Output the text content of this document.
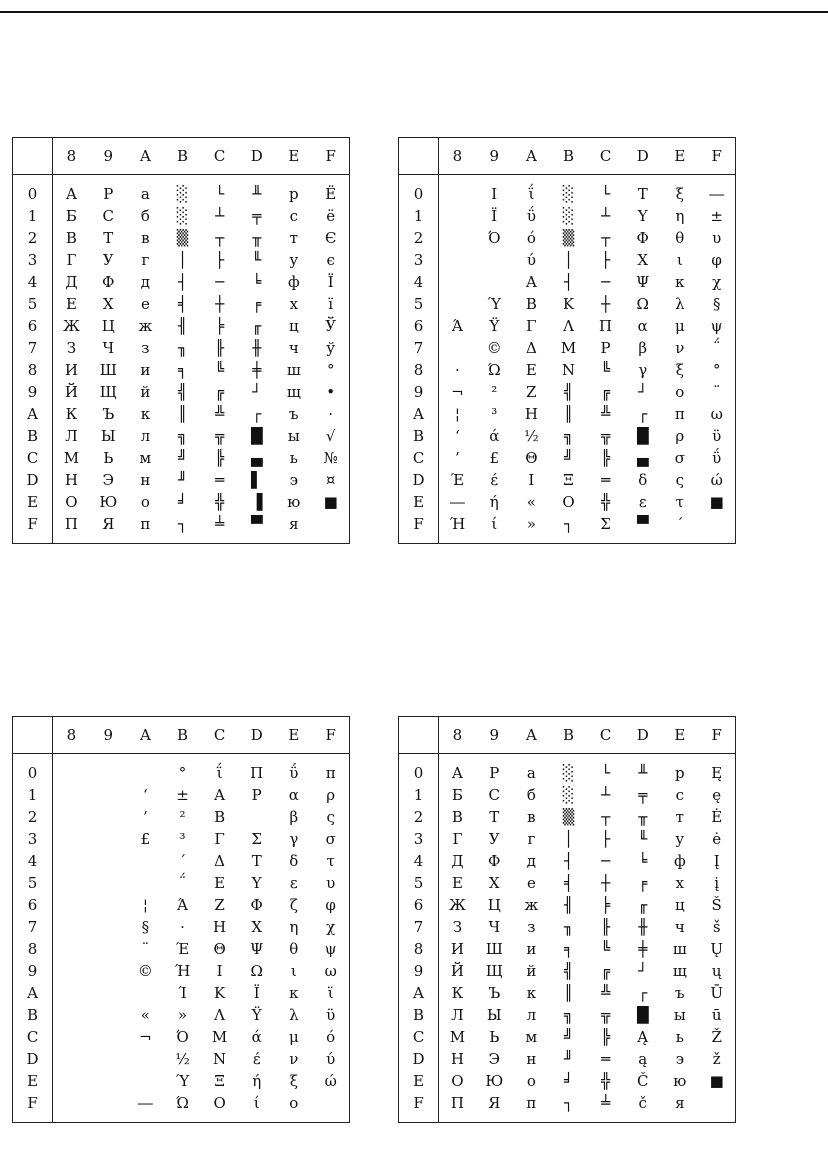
	8	9	A	B	C	D	E	F
0	А	Р	а	░	└	╨	р	Ё
1	Б	С	б	░	┴	╤	с	ё
2	В	Т	в	▒	┬	╥	т	Є
3	Г	У	г	│	├	╙	у	є
4	Д	Ф	д	┤	─	╘	ф	Ї
5	Е	Х	е	╡	┼	╒	х	ї
6	Ж	Ц	ж	╢	╞	╓	ц	Ў
7	З	Ч	з	╖	╟	╫	ч	ў
8	И	Ш	и	╕	╚	╪	ш	°
9	Й	Щ	й	╣	╔	┘	щ	•
A	К	Ъ	к	║	╩	┌	ъ	·
B	Л	Ы	л	╗	╦	█	ы	√
C	М	Ь	м	╝	╠	▄	ь	№
D	Н	Э	н	╜	═	▌	э	¤
E	О	Ю	о	╛	╬	▐	ю	■
F	П	Я	п	┐	╧	▀	я	
	8	9	A	B	C	D	E	F
0		Ι	ΐ	░	└	Τ	ξ	―
1		Ϊ	ΰ	░	┴	Υ	η	±
2		Ό	ό	▒	┬	Φ	θ	υ
3			ύ	│	├	Χ	ι	φ
4			Α	┤	─	Ψ	κ	χ
5		Ύ	Β	Κ	┼	Ω	λ	§
6	Ά	Ϋ	Γ	Λ	Π	α	μ	ψ
7		©	Δ	Μ	Ρ	β	ν	΅
8	·	Ώ	Ε	Ν	╚	γ	ξ	°
9	¬	²	Ζ	╣	╔	┘	ο	¨
A	¦	³	Η	║	╩	┌	π	ω
B	‘	ά	½	╗	╦	█	ρ	ϋ
C	’	£	Θ	╝	╠	▄	σ	ΰ
D	Έ	έ	Ι	Ξ	═	δ	ς	ώ
E	―	ή	«	Ο	╬	ε	τ	■
F	Ή	ί	»	┐	Σ	▀	΄	
	8	9	A	B	C	D	E	F
0				°	ΐ	Π	ΰ	π
1			‘	±	Α	Ρ	α	ρ
2			’	²	Β		β	ς
3			£	³	Γ	Σ	γ	σ
4				΄	Δ	Τ	δ	τ
5				΅	Ε	Υ	ε	υ
6			¦	Ά	Ζ	Φ	ζ	φ
7			§	·	Η	Χ	η	χ
8			¨	Έ	Θ	Ψ	θ	ψ
9			©	Ή	Ι	Ω	ι	ω
A				Ί	Κ	Ϊ	κ	ϊ
B			«	»	Λ	Ϋ	λ	ϋ
C			¬	Ό	Μ	ά	μ	ό
D				½	Ν	έ	ν	ύ
E				Ύ	Ξ	ή	ξ	ώ
F			―	Ώ	Ο	ί	ο	
	8	9	A	B	C	D	E	F
0	А	Р	а	░	└	╨	р	Ę
1	Б	С	б	░	┴	╤	с	ę
2	В	Т	в	▒	┬	╥	т	Ė
3	Г	У	г	│	├	╙	у	ė
4	Д	Ф	д	┤	─	╘	ф	Į
5	Е	Х	е	╡	┼	╒	х	į
6	Ж	Ц	ж	╢	╞	╓	ц	Š
7	З	Ч	з	╖	╟	╫	ч	š
8	И	Ш	и	╕	╚	╪	ш	Ų
9	Й	Щ	й	╣	╔	┘	щ	ų
A	К	Ъ	к	║	╩	┌	ъ	Ū
B	Л	Ы	л	╗	╦	█	ы	ū
C	М	Ь	м	╝	╠	Ą	ь	Ž
D	Н	Э	н	╜	═	ą	э	ž
E	О	Ю	о	╛	╬	Č	ю	■
F	П	Я	п	┐	╧	č	я	
